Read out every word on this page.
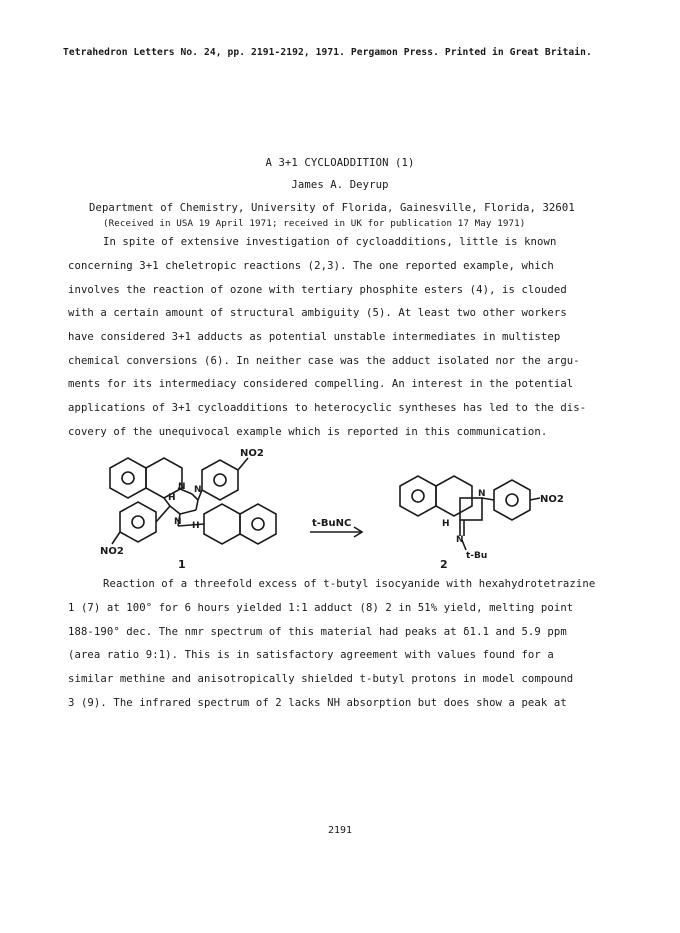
Tetrahedron Letters No. 24, pp. 2191-2192, 1971. Pergamon Press. Printed in Great Britain.
A 3+1 CYCLOADDITION (1)
James A. Deyrup
Department of Chemistry, University of Florida, Gainesville, Florida, 32601
(Received in USA 19 April 1971; received in UK for publication 17 May 1971)
In spite of extensive investigation of cycloadditions, little is known
concerning 3+1 cheletropic reactions (2,3). The one reported example, which
involves the reaction of ozone with tertiary phosphite esters (4), is clouded
with a certain amount of structural ambiguity (5). At least two other workers
have considered 3+1 adducts as potential unstable intermediates in multistep
chemical conversions (6). In neither case was the adduct isolated nor the argu-
ments for its intermediacy considered compelling. An interest in the potential
applications of 3+1 cycloadditions to heterocyclic syntheses has led to the dis-
covery of the unequivocal example which is reported in this communication.
NO2
NO2
N N
N
H
H	t-BuNC
NO2
N
N
t-Bu
H
1	2
Reaction of a threefold excess of t-butyl isocyanide with hexahydrotetrazine
1 (7) at 100° for 6 hours yielded 1:1 adduct (8) 2 in 51% yield, melting point
188-190° dec. The nmr spectrum of this material had peaks at δ1.1 and 5.9 ppm
(area ratio 9:1). This is in satisfactory agreement with values found for a
similar methine and anisotropically shielded t-butyl protons in model compound
3 (9). The infrared spectrum of 2 lacks NH absorption but does show a peak at
2191
